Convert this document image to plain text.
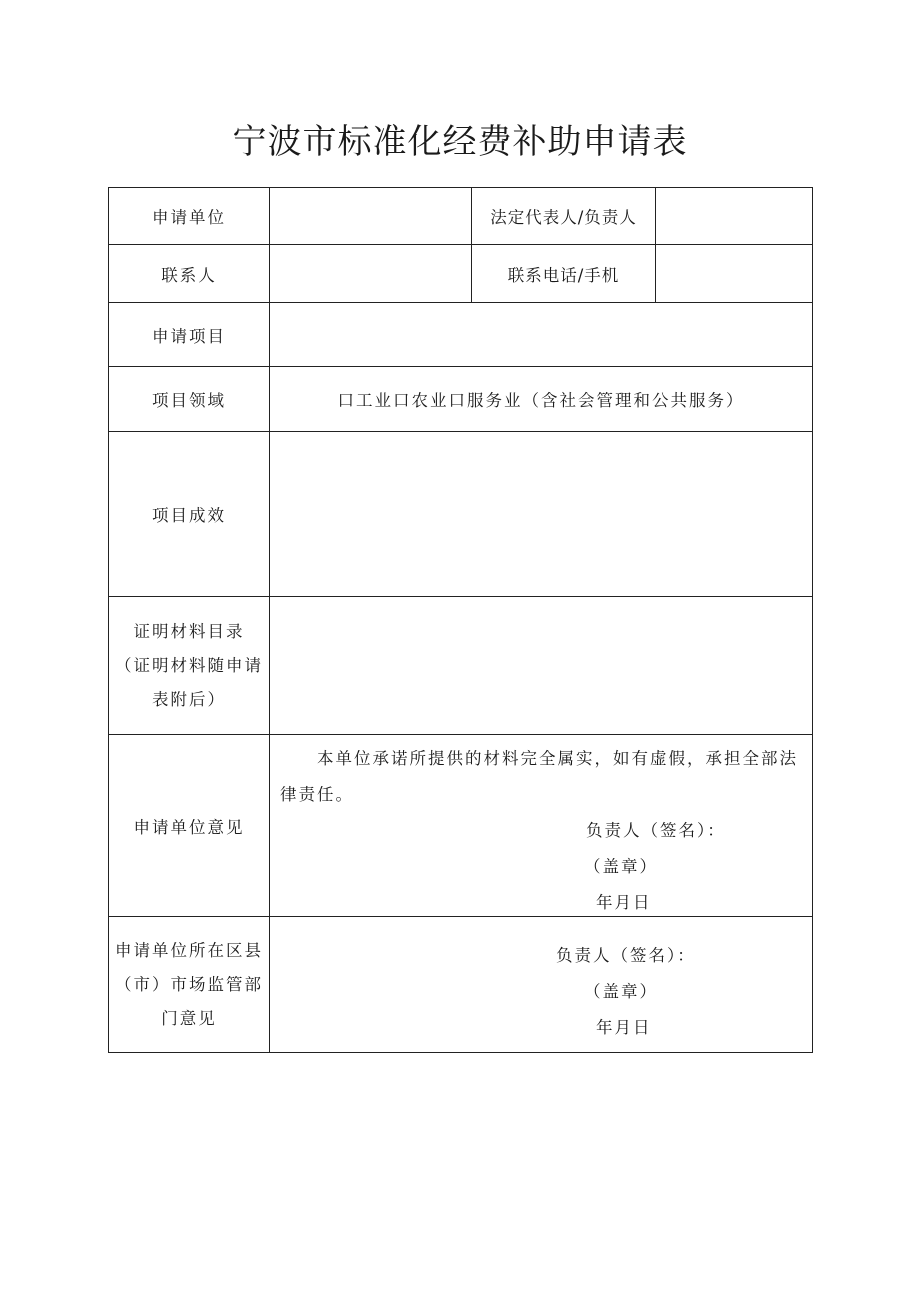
宁波市标准化经费补助申请表
申请单位		法定代表人/负责人	
联系人		联系电话/手机	
申请项目			
项目领域	口工业口农业口服务业（含社会管理和公共服务）		
项目成效			

证明材料目录
（证明材料随申请
表附后）			

申请单位意见	本单位承诺所提供的材料完全属实，如有虚假，承担全部法律责任。
负责人（签名）：
（盖章）
年月日		

申请单位所在区县
（市）市场监管部
门意见	负责人（签名）：
（盖章）
年月日		
